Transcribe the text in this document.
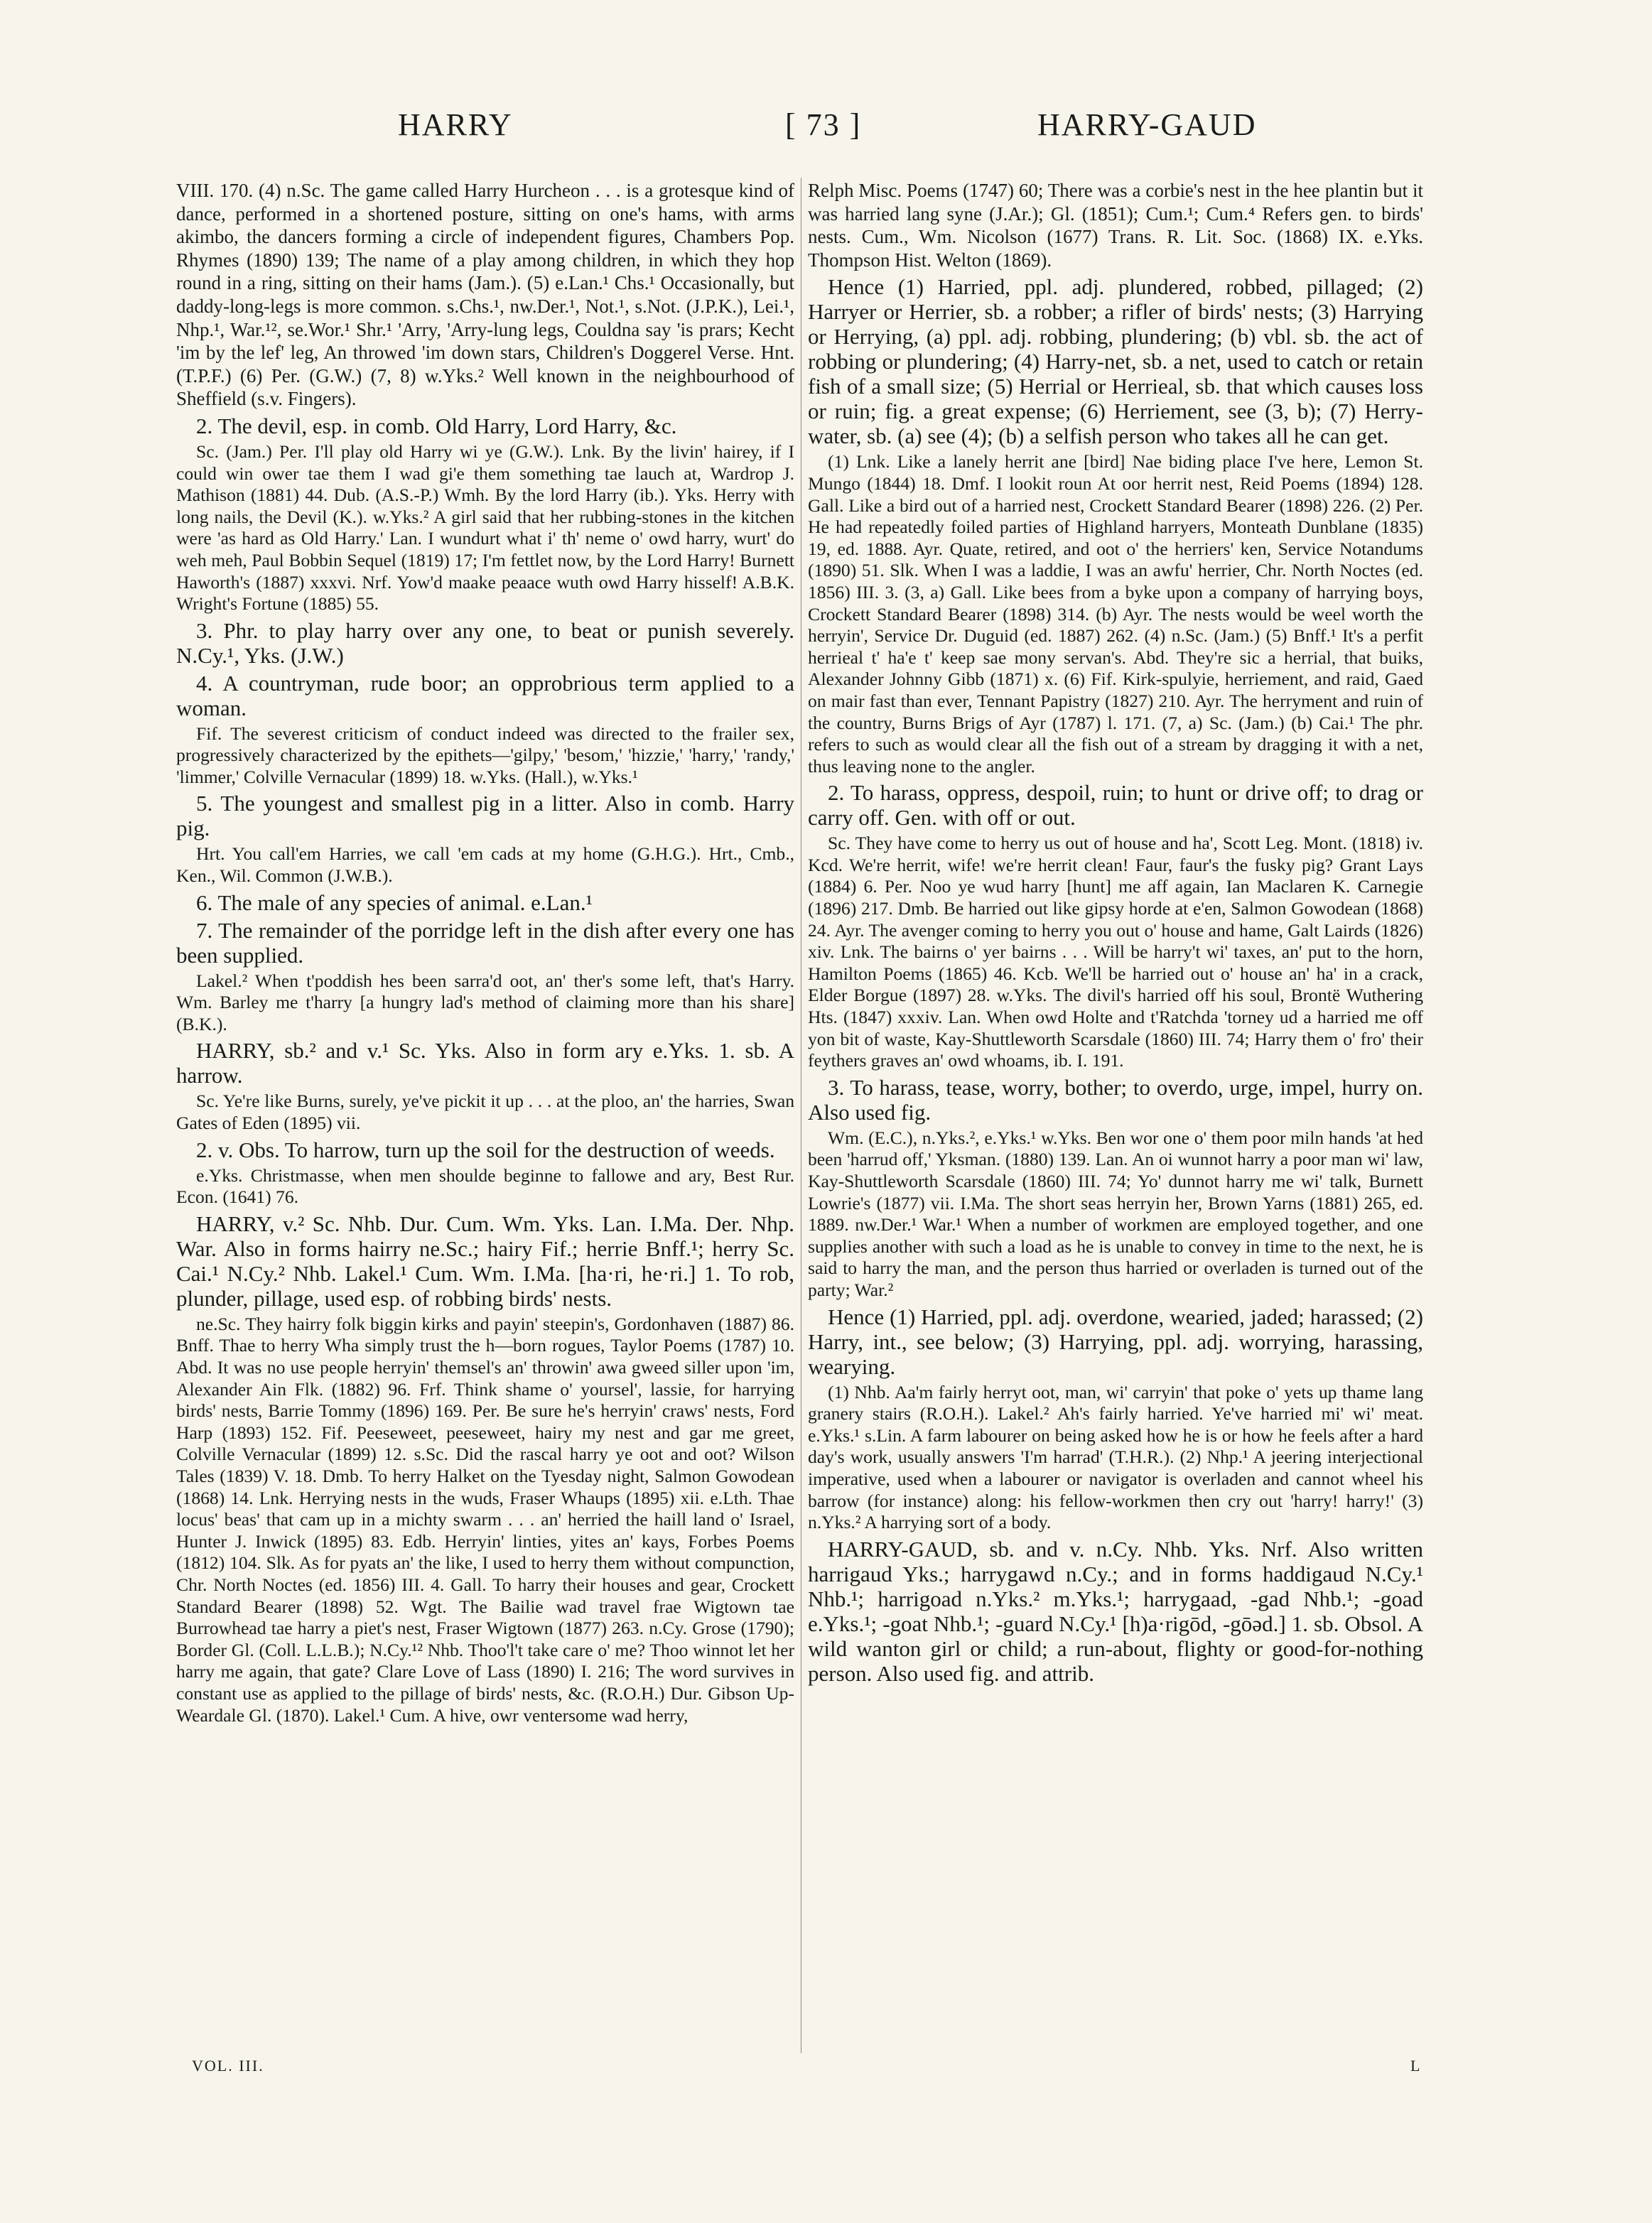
HARRY	[ 73 ]	HARRY-GAUD

VIII. 170. (4) n.Sc. The game called Harry Hurcheon . . . is a grotesque kind of dance, performed in a shortened posture, sitting on one's hams, with arms akimbo, the dancers forming a circle of independent figures, Chambers Pop. Rhymes (1890) 139; The name of a play among children, in which they hop round in a ring, sitting on their hams (Jam.). (5) e.Lan.¹ Chs.¹ Occasionally, but daddy-long-legs is more common. s.Chs.¹, nw.Der.¹, Not.¹, s.Not. (J.P.K.), Lei.¹, Nhp.¹, War.¹², se.Wor.¹ Shr.¹ 'Arry, 'Arry-lung legs, Couldna say 'is prars; Kecht 'im by the lef' leg, An throwed 'im down stars, Children's Doggerel Verse. Hnt. (T.P.F.) (6) Per. (G.W.) (7, 8) w.Yks.² Well known in the neighbourhood of Sheffield (s.v. Fingers).

2. The devil, esp. in comb. Old Harry, Lord Harry, &c.

Sc. (Jam.) Per. I'll play old Harry wi ye (G.W.). Lnk. By the livin' hairey, if I could win ower tae them I wad gi'e them something tae lauch at, Wardrop J. Mathison (1881) 44. Dub. (A.S.-P.) Wmh. By the lord Harry (ib.). Yks. Herry with long nails, the Devil (K.). w.Yks.² A girl said that her rubbing-stones in the kitchen were 'as hard as Old Harry.' Lan. I wundurt what i' th' neme o' owd harry, wurt' do weh meh, Paul Bobbin Sequel (1819) 17; I'm fettlet now, by the Lord Harry! Burnett Haworth's (1887) xxxvi. Nrf. Yow'd maake peaace wuth owd Harry hisself! A.B.K. Wright's Fortune (1885) 55.

3. Phr. to play harry over any one, to beat or punish severely. N.Cy.¹, Yks. (J.W.)

4. A countryman, rude boor; an opprobrious term applied to a woman.

Fif. The severest criticism of conduct indeed was directed to the frailer sex, progressively characterized by the epithets—'gilpy,' 'besom,' 'hizzie,' 'harry,' 'randy,' 'limmer,' Colville Vernacular (1899) 18. w.Yks. (Hall.), w.Yks.¹

5. The youngest and smallest pig in a litter. Also in comb. Harry pig.

Hrt. You call'em Harries, we call 'em cads at my home (G.H.G.). Hrt., Cmb., Ken., Wil. Common (J.W.B.).

6. The male of any species of animal. e.Lan.¹

7. The remainder of the porridge left in the dish after every one has been supplied.

Lakel.² When t'poddish hes been sarra'd oot, an' ther's some left, that's Harry. Wm. Barley me t'harry [a hungry lad's method of claiming more than his share] (B.K.).

HARRY, sb.² and v.¹ Sc. Yks. Also in form ary e.Yks. 1. sb. A harrow.

Sc. Ye're like Burns, surely, ye've pickit it up . . . at the ploo, an' the harries, Swan Gates of Eden (1895) vii.

2. v. Obs. To harrow, turn up the soil for the destruction of weeds.

e.Yks. Christmasse, when men shoulde beginne to fallowe and ary, Best Rur. Econ. (1641) 76.

HARRY, v.² Sc. Nhb. Dur. Cum. Wm. Yks. Lan. I.Ma. Der. Nhp. War. Also in forms hairry ne.Sc.; hairy Fif.; herrie Bnff.¹; herry Sc. Cai.¹ N.Cy.² Nhb. Lakel.¹ Cum. Wm. I.Ma. [ha·ri, he·ri.] 1. To rob, plunder, pillage, used esp. of robbing birds' nests.

ne.Sc. They hairry folk biggin kirks and payin' steepin's, Gordonhaven (1887) 86. Bnff. Thae to herry Wha simply trust the h—born rogues, Taylor Poems (1787) 10. Abd. It was no use people herryin' themsel's an' throwin' awa gweed siller upon 'im, Alexander Ain Flk. (1882) 96. Frf. Think shame o' yoursel', lassie, for harrying birds' nests, Barrie Tommy (1896) 169. Per. Be sure he's herryin' craws' nests, Ford Harp (1893) 152. Fif. Peeseweet, peeseweet, hairy my nest and gar me greet, Colville Vernacular (1899) 12. s.Sc. Did the rascal harry ye oot and oot? Wilson Tales (1839) V. 18. Dmb. To herry Halket on the Tyesday night, Salmon Gowodean (1868) 14. Lnk. Herrying nests in the wuds, Fraser Whaups (1895) xii. e.Lth. Thae locus' beas' that cam up in a michty swarm . . . an' herried the haill land o' Israel, Hunter J. Inwick (1895) 83. Edb. Herryin' linties, yites an' kays, Forbes Poems (1812) 104. Slk. As for pyats an' the like, I used to herry them without compunction, Chr. North Noctes (ed. 1856) III. 4. Gall. To harry their houses and gear, Crockett Standard Bearer (1898) 52. Wgt. The Bailie wad travel frae Wigtown tae Burrowhead tae harry a piet's nest, Fraser Wigtown (1877) 263. n.Cy. Grose (1790); Border Gl. (Coll. L.L.B.); N.Cy.¹² Nhb. Thoo'l't take care o' me? Thoo winnot let her harry me again, that gate? Clare Love of Lass (1890) I. 216; The word survives in constant use as applied to the pillage of birds' nests, &c. (R.O.H.) Dur. Gibson Up-Weardale Gl. (1870). Lakel.¹ Cum. A hive, owr ventersome wad herry,

Relph Misc. Poems (1747) 60; There was a corbie's nest in the hee plantin but it was harried lang syne (J.Ar.); Gl. (1851); Cum.¹; Cum.⁴ Refers gen. to birds' nests. Cum., Wm. Nicolson (1677) Trans. R. Lit. Soc. (1868) IX. e.Yks. Thompson Hist. Welton (1869).

Hence (1) Harried, ppl. adj. plundered, robbed, pillaged; (2) Harryer or Herrier, sb. a robber; a rifler of birds' nests; (3) Harrying or Herrying, (a) ppl. adj. robbing, plundering; (b) vbl. sb. the act of robbing or plundering; (4) Harry-net, sb. a net, used to catch or retain fish of a small size; (5) Herrial or Herrieal, sb. that which causes loss or ruin; fig. a great expense; (6) Herriement, see (3, b); (7) Herry-water, sb. (a) see (4); (b) a selfish person who takes all he can get.

(1) Lnk. Like a lanely herrit ane [bird] Nae biding place I've here, Lemon St. Mungo (1844) 18. Dmf. I lookit roun At oor herrit nest, Reid Poems (1894) 128. Gall. Like a bird out of a harried nest, Crockett Standard Bearer (1898) 226. (2) Per. He had repeatedly foiled parties of Highland harryers, Monteath Dunblane (1835) 19, ed. 1888. Ayr. Quate, retired, and oot o' the herriers' ken, Service Notandums (1890) 51. Slk. When I was a laddie, I was an awfu' herrier, Chr. North Noctes (ed. 1856) III. 3. (3, a) Gall. Like bees from a byke upon a company of harrying boys, Crockett Standard Bearer (1898) 314. (b) Ayr. The nests would be weel worth the herryin', Service Dr. Duguid (ed. 1887) 262. (4) n.Sc. (Jam.) (5) Bnff.¹ It's a perfit herrieal t' ha'e t' keep sae mony servan's. Abd. They're sic a herrial, that buiks, Alexander Johnny Gibb (1871) x. (6) Fif. Kirk-spulyie, herriement, and raid, Gaed on mair fast than ever, Tennant Papistry (1827) 210. Ayr. The herryment and ruin of the country, Burns Brigs of Ayr (1787) l. 171. (7, a) Sc. (Jam.) (b) Cai.¹ The phr. refers to such as would clear all the fish out of a stream by dragging it with a net, thus leaving none to the angler.

2. To harass, oppress, despoil, ruin; to hunt or drive off; to drag or carry off. Gen. with off or out.

Sc. They have come to herry us out of house and ha', Scott Leg. Mont. (1818) iv. Kcd. We're herrit, wife! we're herrit clean! Faur, faur's the fusky pig? Grant Lays (1884) 6. Per. Noo ye wud harry [hunt] me aff again, Ian Maclaren K. Carnegie (1896) 217. Dmb. Be harried out like gipsy horde at e'en, Salmon Gowodean (1868) 24. Ayr. The avenger coming to herry you out o' house and hame, Galt Lairds (1826) xiv. Lnk. The bairns o' yer bairns . . . Will be harry't wi' taxes, an' put to the horn, Hamilton Poems (1865) 46. Kcb. We'll be harried out o' house an' ha' in a crack, Elder Borgue (1897) 28. w.Yks. The divil's harried off his soul, Brontë Wuthering Hts. (1847) xxxiv. Lan. When owd Holte and t'Ratchda 'torney ud a harried me off yon bit of waste, Kay-Shuttleworth Scarsdale (1860) III. 74; Harry them o' fro' their feythers graves an' owd whoams, ib. I. 191.

3. To harass, tease, worry, bother; to overdo, urge, impel, hurry on. Also used fig.

Wm. (E.C.), n.Yks.², e.Yks.¹ w.Yks. Ben wor one o' them poor miln hands 'at hed been 'harrud off,' Yksman. (1880) 139. Lan. An oi wunnot harry a poor man wi' law, Kay-Shuttleworth Scarsdale (1860) III. 74; Yo' dunnot harry me wi' talk, Burnett Lowrie's (1877) vii. I.Ma. The short seas herryin her, Brown Yarns (1881) 265, ed. 1889. nw.Der.¹ War.¹ When a number of workmen are employed together, and one supplies another with such a load as he is unable to convey in time to the next, he is said to harry the man, and the person thus harried or overladen is turned out of the party; War.²

Hence (1) Harried, ppl. adj. overdone, wearied, jaded; harassed; (2) Harry, int., see below; (3) Harrying, ppl. adj. worrying, harassing, wearying.

(1) Nhb. Aa'm fairly herryt oot, man, wi' carryin' that poke o' yets up thame lang granery stairs (R.O.H.). Lakel.² Ah's fairly harried. Ye've harried mi' wi' meat. e.Yks.¹ s.Lin. A farm labourer on being asked how he is or how he feels after a hard day's work, usually answers 'I'm harrad' (T.H.R.). (2) Nhp.¹ A jeering interjectional imperative, used when a labourer or navigator is overladen and cannot wheel his barrow (for instance) along: his fellow-workmen then cry out 'harry! harry!' (3) n.Yks.² A harrying sort of a body.

HARRY-GAUD, sb. and v. n.Cy. Nhb. Yks. Nrf. Also written harrigaud Yks.; harrygawd n.Cy.; and in forms haddigaud N.Cy.¹ Nhb.¹; harrigoad n.Yks.² m.Yks.¹; harrygaad, -gad Nhb.¹; -goad e.Yks.¹; -goat Nhb.¹; -guard N.Cy.¹ [h)a·rigōd, -gōəd.] 1. sb. Obsol. A wild wanton girl or child; a run-about, flighty or good-for-nothing person. Also used fig. and attrib.

VOL. III.	L
